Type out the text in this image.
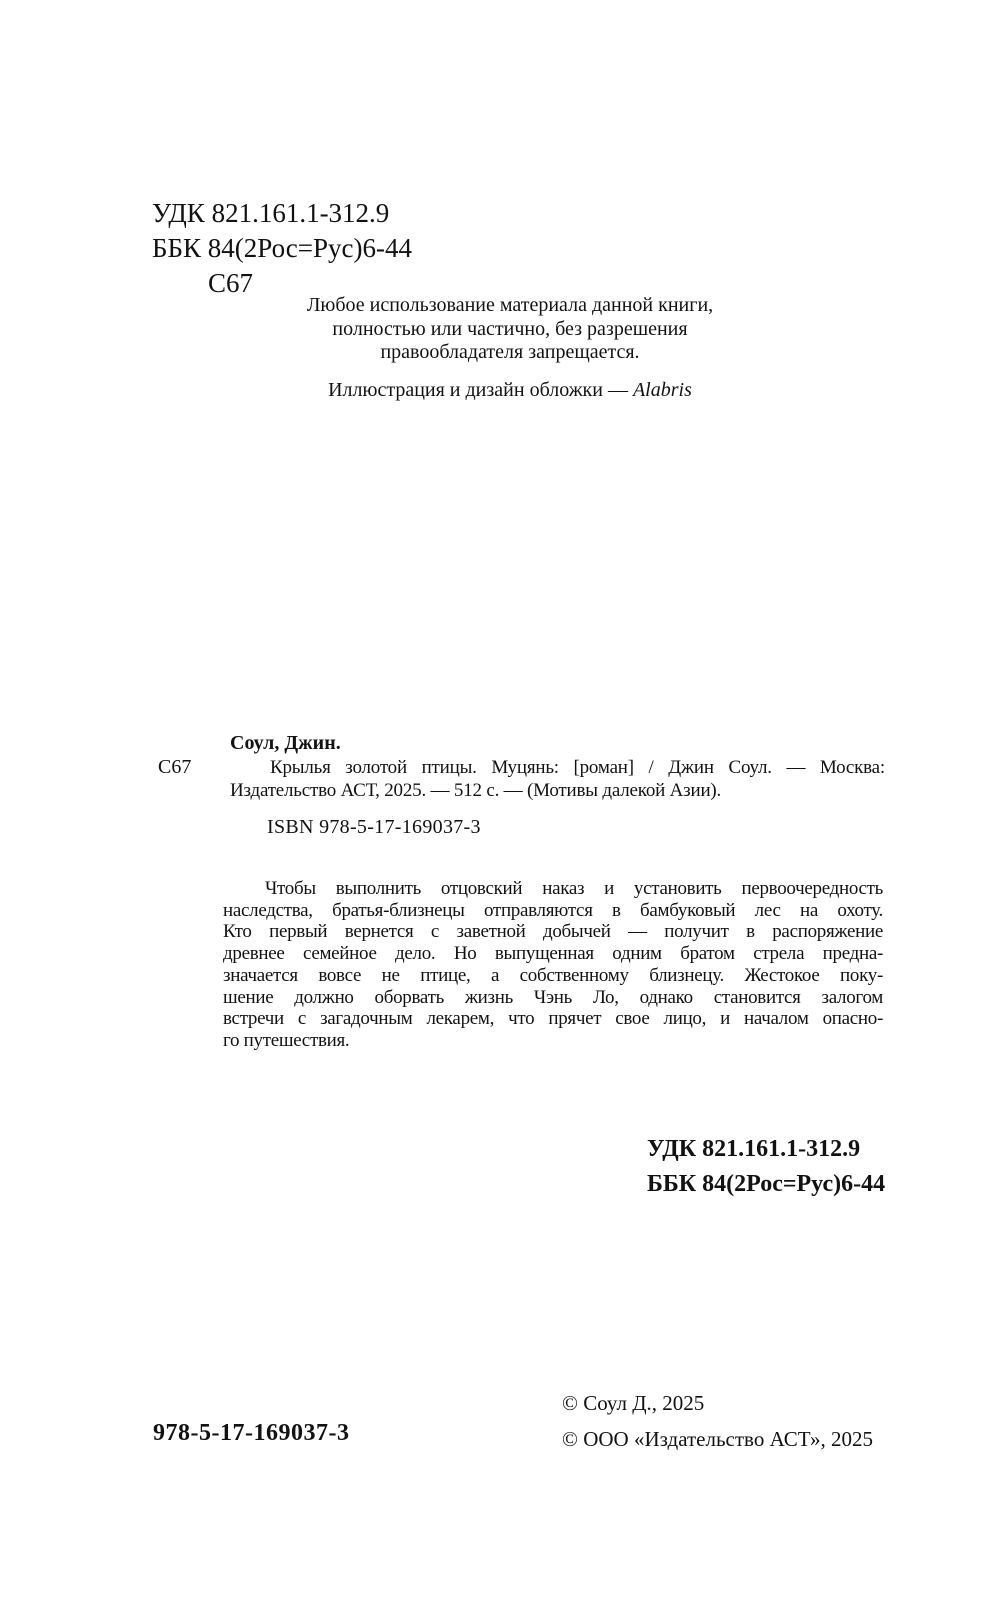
УДК 821.161.1-312.9
ББК 84(2Рос=Рус)6-44
С67
Любое использование материала данной книги,
полностью или частично, без разрешения
правообладателя запрещается.
Иллюстрация и дизайн обложки — Alabris
Соул, Джин.
С67	Крылья золотой птицы. Муцянь: [роман] / Джин Соул. — Москва:
Издательство АСТ, 2025. — 512 с. — (Мотивы далекой Азии).
ISBN 978-5-17-169037-3
Чтобы выполнить отцовский наказ и установить первоочередность
наследства, братья-близнецы отправляются в бамбуковый лес на охоту.
Кто первый вернется с заветной добычей — получит в распоряжение
древнее семейное дело. Но выпущенная одним братом стрела предна-
значается вовсе не птице, а собственному близнецу. Жестокое поку-
шение должно оборвать жизнь Чэнь Ло, однако становится залогом
встречи с загадочным лекарем, что прячет свое лицо, и началом опасно-
го путешествия.
УДК 821.161.1-312.9
ББК 84(2Рос=Рус)6-44
978-5-17-169037-3
© Соул Д., 2025
© ООО «Издательство АСТ», 2025
